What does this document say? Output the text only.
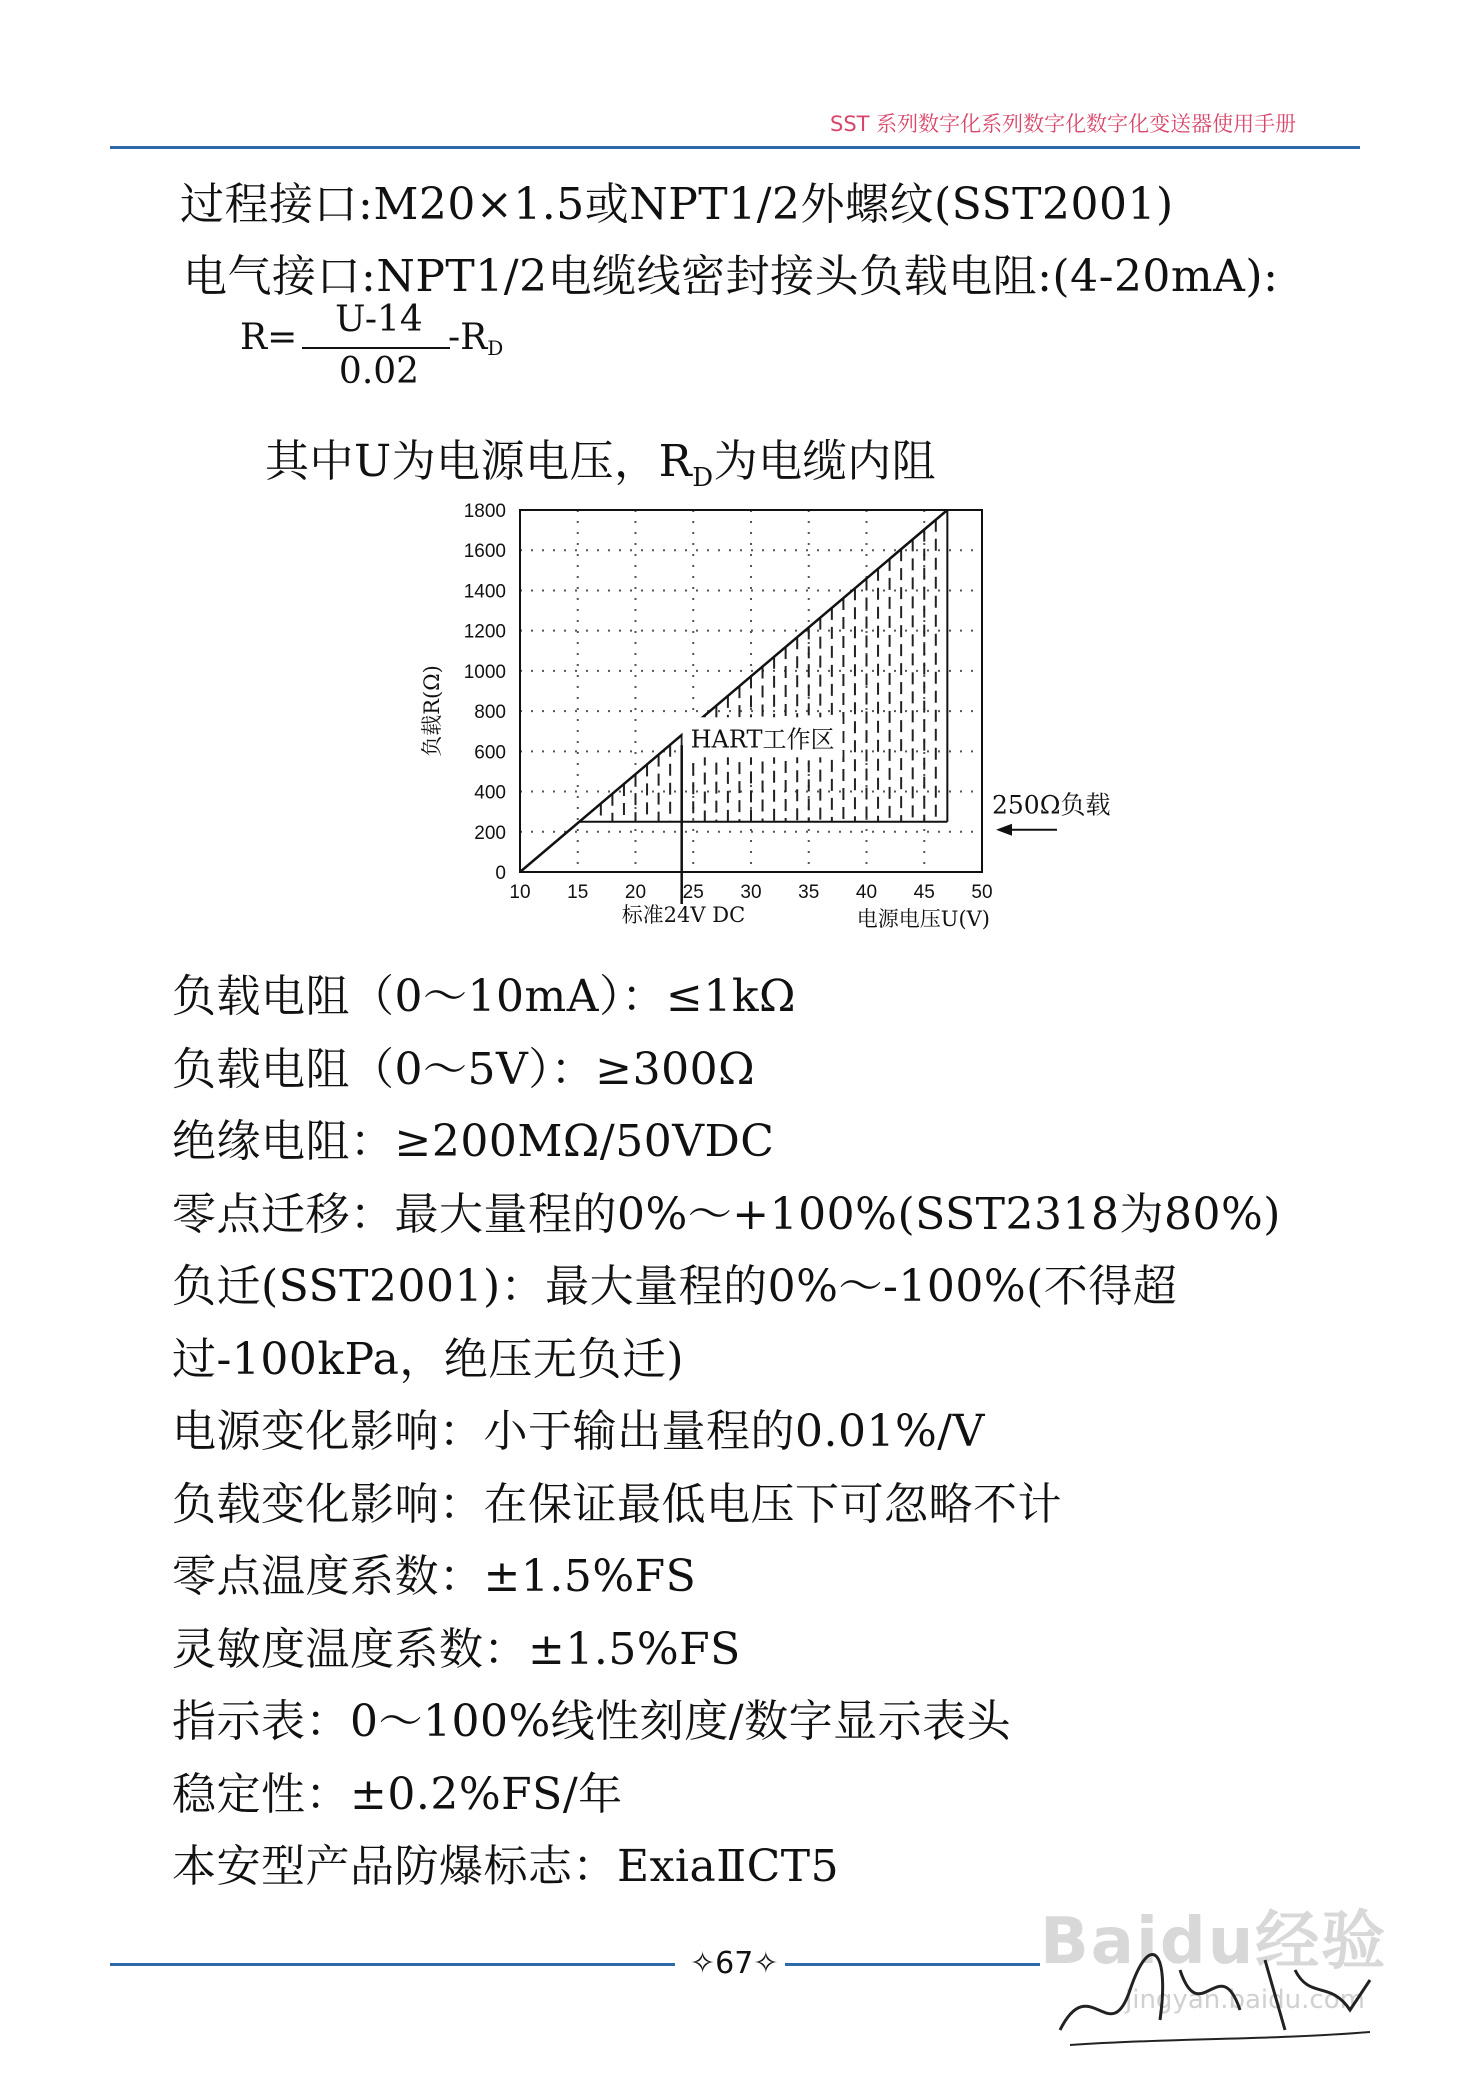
SST 系列数字化系列数字化数字化变送器使用手册
过程接口:M20×1.5或NPT1/2外螺纹(SST2001)
电气接口:NPT1/2电缆线密封接头负载电阻:(4-20mA):
R=	U-14
0.02
$-R_D$
其中U为电源电压，$R_D$为电缆内阻
HART工作区
标准24V DC
10 15 20 25 30 35 40 45 50
0
200
400
600
800
1000
1200
1400
1600
1800
电源电压U(V)
负载R(Ω)
250Ω负载
负载电阻（0～10mA）：≤1kΩ
负载电阻（0～5V）：≥300Ω
绝缘电阻：≥200MΩ/50VDC
零点迁移：最大量程的0%～+100%(SST2318为80%)
负迁(SST2001)：最大量程的0%～-100%(不得超
过-100kPa，绝压无负迁)
电源变化影响：小于输出量程的0.01%/V
负载变化影响：在保证最低电压下可忽略不计
零点温度系数：±1.5%FS
灵敏度温度系数：±1.5%FS
指示表：0～100%线性刻度/数字显示表头
稳定性：±0.2%FS/年
本安型产品防爆标志：ExiaⅡCT5
✧67✧	Baidu经验
jingyan.baidu.com
